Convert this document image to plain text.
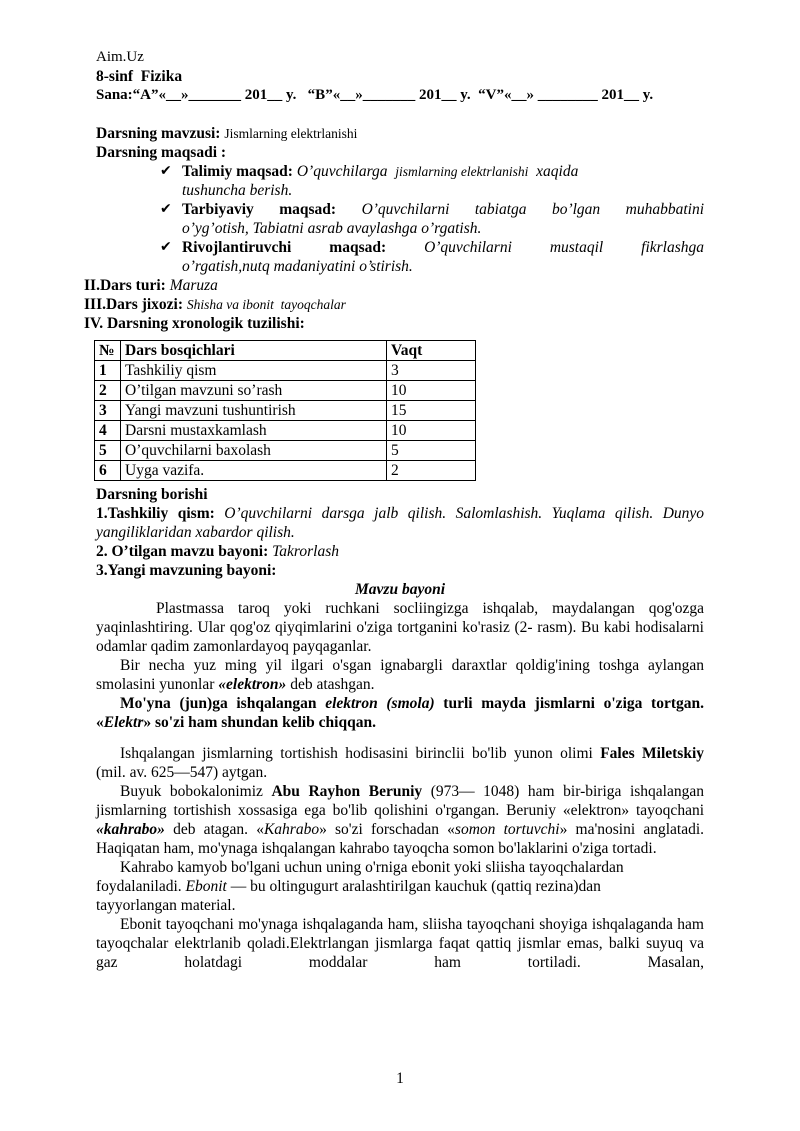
Aim.Uz
8-sinf  Fizika
Sana:“A”«__»_______ 201__ y.   “B”«__»_______ 201__ y.  “V”«__» ________ 201__ y.
Darsning mavzusi: Jismlarning elektrlanishi
Darsning maqsadi :
✔ Talimiy maqsad: O’quvchilarga jismlarning elektrlanishi xaqida
tushuncha berish.
✔ Tarbiyaviy maqsad: O’quvchilarni tabiatga bo’lgan muhabbatini
o’yg’otish, Tabiatni asrab avaylashga o’rgatish.
✔ Rivojlantiruvchi maqsad: O’quvchilarni mustaqil fikrlashga
o’rgatish,nutq madaniyatini o’stirish.
II.Dars turi: Maruza
III.Dars jixozi: Shisha va ibonit  tayoqchalar
IV. Darsning xronologik tuzilishi:
№	Dars bosqichlari	Vaqt
1	Tashkiliy qism	3
2	O’tilgan mavzuni so’rash	10
3	Yangi mavzuni tushuntirish	15
4	Darsni mustaxkamlash	10
5	O’quvchilarni baxolash	5
6	Uyga vazifa.	2
Darsning borishi
1.Tashkiliy qism: O’quvchilarni darsga jalb qilish. Salomlashish. Yuqlama qilish. Dunyo yangiliklaridan xabardor qilish.
2. O’tilgan mavzu bayoni: Takrorlash
3.Yangi mavzuning bayoni:
Mavzu bayoni
Plastmassa taroq yoki ruchkani socliingizga ishqalab, maydalangan qog'ozga yaqinlashtiring. Ular qog'oz qiyqimlarini o'ziga tortganini ko'rasiz (2- rasm). Bu kabi hodisalarni odamlar qadim zamonlardayoq payqaganlar.
Bir necha yuz ming yil ilgari o'sgan ignabargli daraxtlar qoldig'ining toshga aylangan smolasini yunonlar «elektron» deb atashgan.
Mo'yna (jun)ga ishqalangan elektron (smola) turli mayda jismlarni o'ziga tortgan. «Elektr» so'zi ham shundan kelib chiqqan.
Ishqalangan jismlarning tortishish hodisasini birinclii bo'lib yunon olimi Fales Miletskiy (mil. av. 625—547) aytgan.
Buyuk bobokalonimiz Abu Rayhon Beruniy (973— 1048) ham bir-biriga ishqalangan jismlarning tortishish xossasiga ega bo'lib qolishini o'rgangan. Beruniy «elektron» tayoqchani «kahrabo» deb atagan. «Kahrabo» so'zi forschadan «somon tortuvchi» ma'nosini anglatadi. Haqiqatan ham, mo'ynaga ishqalangan kahrabo tayoqcha somon bo'laklarini o'ziga tortadi.
Kahrabo kamyob bo'lgani uchun uning o'rniga ebonit yoki sliisha tayoqchalardan
foydalaniladi. Ebonit — bu oltingugurt aralashtirilgan kauchuk (qattiq rezina)dan
tayyorlangan material.
Ebonit tayoqchani mo'ynaga ishqalaganda ham, sliisha tayoqchani shoyiga ishqalaganda ham tayoqchalar elektrlanib qoladi.Elektrlangan jismlarga faqat qattiq jismlar emas, balki suyuq va gaz holatdagi moddalar ham tortiladi. Masalan,
1
